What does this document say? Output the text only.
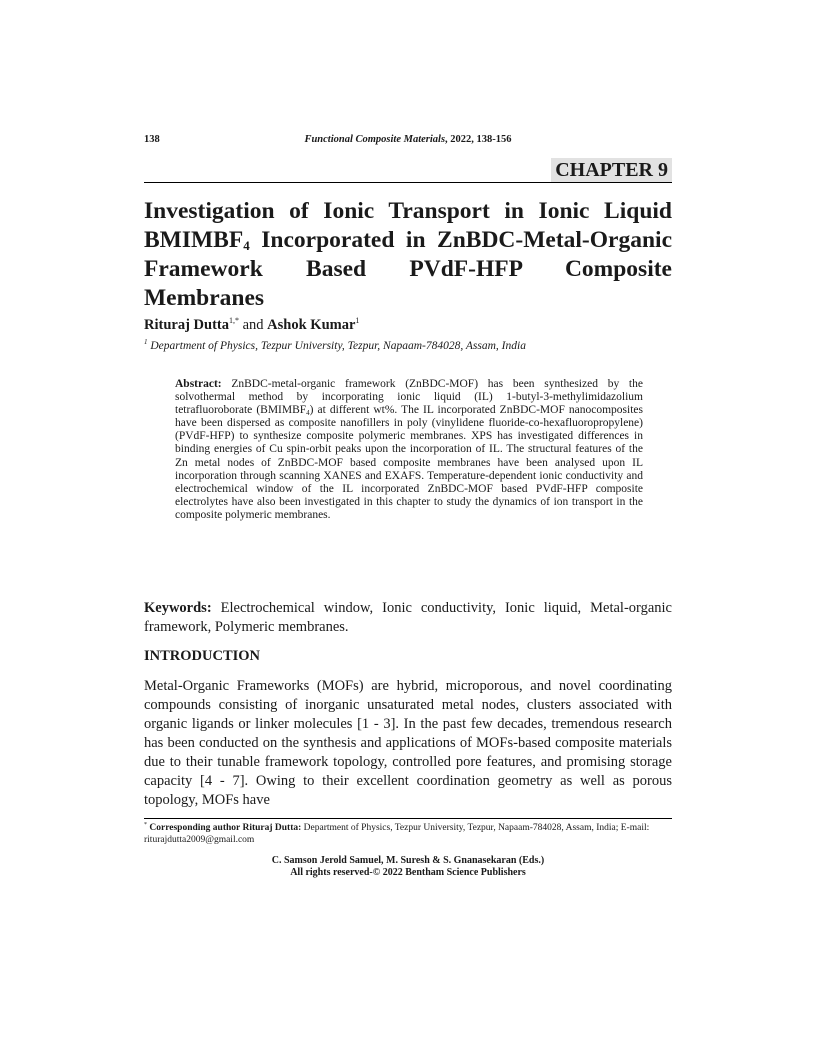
138	Functional Composite Materials, 2022, 138-156
CHAPTER 9
Investigation of Ionic Transport in Ionic Liquid
$BMIMBF_4$ Incorporated in ZnBDC-Metal-Organic
Framework Based PVdF-HFP Composite
Membranes
Rituraj Dutta$^{1,*}$ and Ashok Kumar$^1$
$^1$ Department of Physics, Tezpur University, Tezpur, Napaam-784028, Assam, India

Abstract: ZnBDC-metal-organic framework (ZnBDC-MOF) has been synthesized by the solvothermal method by incorporating ionic liquid (IL) 1-butyl-3-methylimidazolium tetrafluoroborate $(BMIMBF_4)$ at different wt%. The IL incorporated ZnBDC-MOF nanocomposites have been dispersed as composite nanofillers in poly (vinylidene fluoride-co-hexafluoropropylene) (PVdF-HFP) to synthesize composite polymeric membranes. XPS has investigated differences in binding energies of Cu spin-orbit peaks upon the incorporation of IL. The structural features of the Zn metal nodes of ZnBDC-MOF based composite membranes have been analysed upon IL incorporation through scanning XANES and EXAFS. Temperature-dependent ionic conductivity and electrochemical window of the IL incorporated ZnBDC-MOF based PVdF-HFP composite electrolytes have also been investigated in this chapter to study the dynamics of ion transport in the composite polymeric membranes.

Keywords: Electrochemical window, Ionic conductivity, Ionic liquid, Metal-organic framework, Polymeric membranes.

INTRODUCTION

Metal-Organic Frameworks (MOFs) are hybrid, microporous, and novel coordinating compounds consisting of inorganic unsaturated metal nodes, clusters associated with organic ligands or linker molecules [1 - 3]. In the past few decades, tremendous research has been conducted on the synthesis and applications of MOFs-based composite materials due to their tunable framework topology, controlled pore features, and promising storage capacity [4 - 7]. Owing to their excellent coordination geometry as well as porous topology, MOFs have

* Corresponding author Rituraj Dutta: Department of Physics, Tezpur University, Tezpur, Napaam-784028, Assam, India; E-mail: riturajdutta2009@gmail.com

C. Samson Jerold Samuel, M. Suresh & S. Gnanasekaran (Eds.)
All rights reserved-© 2022 Bentham Science Publishers
